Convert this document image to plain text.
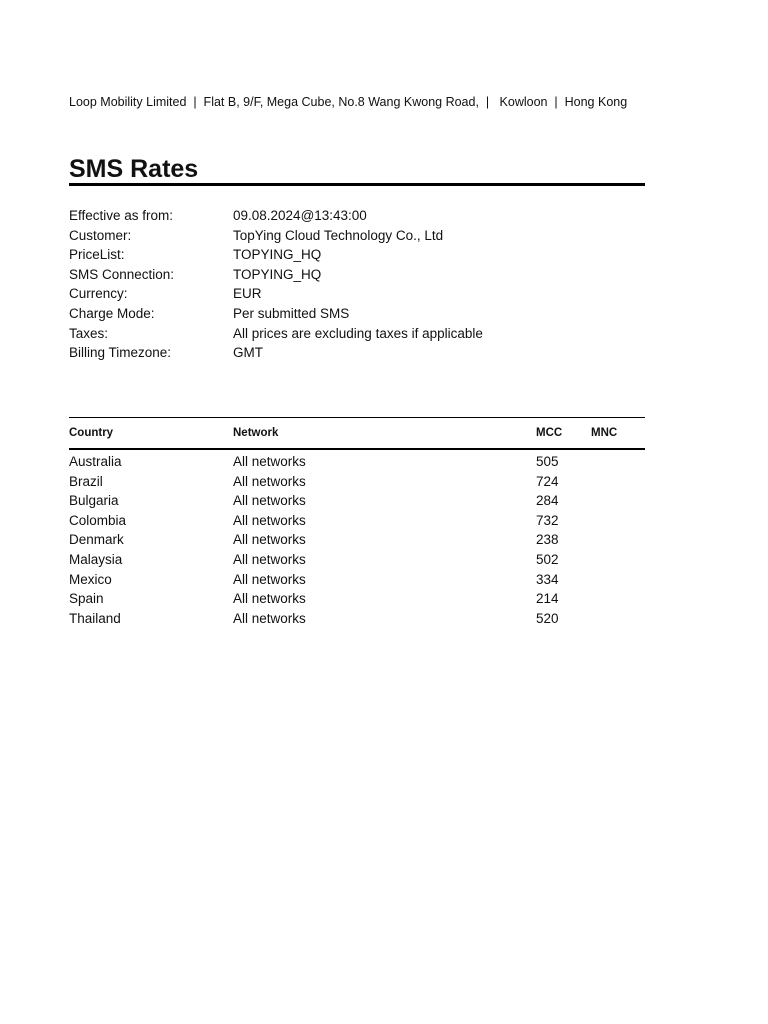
Loop Mobility Limited  |  Flat B, 9/F, Mega Cube, No.8 Wang Kwong Road,  |   Kowloon  |  Hong Kong
SMS Rates
Effective as from:	09.08.2024@13:43:00
Customer:	TopYing Cloud Technology Co., Ltd
PriceList:	TOPYING_HQ
SMS Connection:	TOPYING_HQ
Currency:	EUR
Charge Mode:	Per submitted SMS
Taxes:	All prices are excluding taxes if applicable
Billing Timezone:	GMT
Country	Network	MCC	MNC
Australia	All networks	505
Brazil	All networks	724
Bulgaria	All networks	284
Colombia	All networks	732
Denmark	All networks	238
Malaysia	All networks	502
Mexico	All networks	334
Spain	All networks	214
Thailand	All networks	520
